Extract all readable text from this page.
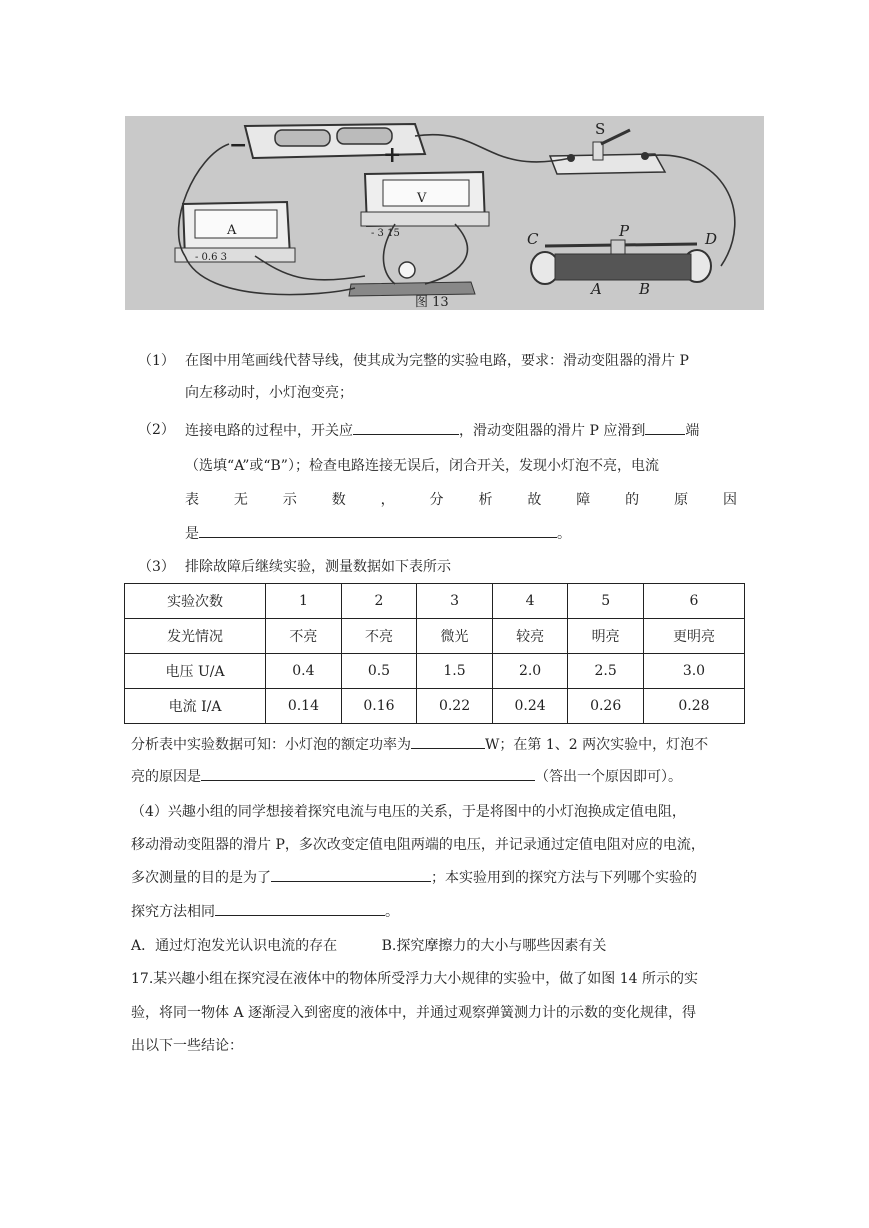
−	+
S
A
- 0.6 3
V
- 3 15	C	P	D
A B
图 13
（1） 在图中用笔画线代替导线，使其成为完整的实验电路，要求：滑动变阻器的滑片 P
向左移动时，小灯泡变亮；
（2） 连接电路的过程中，开关应	，滑动变阻器的滑片 P 应滑到	端
（选填“A”或“B”）；检查电路连接无误后，闭合开关，发现小灯泡不亮，电流
表 无 示 数 ， 分 析 故 障 的 原 因
是	。
（3） 排除故障后继续实验，测量数据如下表所示
实验次数	1	2	3	4	5	6
发光情况	不亮	不亮	微光	较亮	明亮	更明亮
电压 U/A	0.4	0.5	1.5	2.0	2.5	3.0
电流 I/A	0.14	0.16	0.22	0.24	0.26	0.28
分析表中实验数据可知：小灯泡的额定功率为	W；在第 1、2 两次实验中，灯泡不
亮的原因是	（答出一个原因即可）。
（4）兴趣小组的同学想接着探究电流与电压的关系，于是将图中的小灯泡换成定值电阻，
移动滑动变阻器的滑片 P，多次改变定值电阻两端的电压，并记录通过定值电阻对应的电流，
多次测量的目的是为了	；本实验用到的探究方法与下列哪个实验的
探究方法相同	。
A．通过灯泡发光认识电流的存在          B.探究摩擦力的大小与哪些因素有关
17.某兴趣小组在探究浸在液体中的物体所受浮力大小规律的实验中，做了如图 14 所示的实
验，将同一物体 A 逐渐浸入到密度的液体中，并通过观察弹簧测力计的示数的变化规律，得
出以下一些结论：
